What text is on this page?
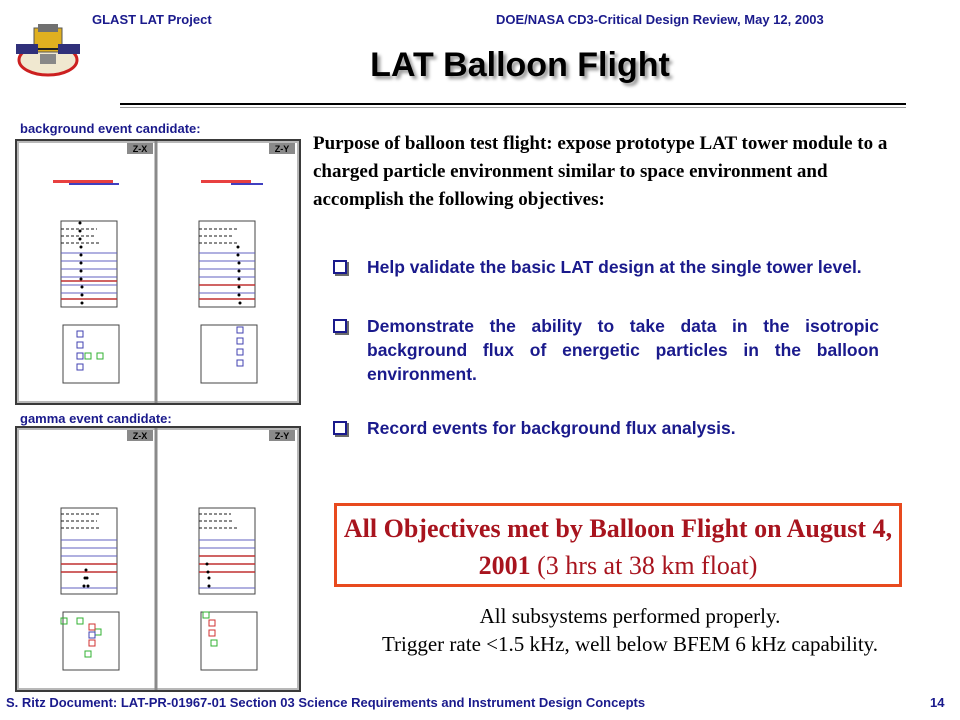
GLAST LAT Project	DOE/NASA CD3-Critical Design Review, May 12, 2003
LAT Balloon Flight
background event candidate:
Z-X	Z-Y
gamma event candidate:
Z-X	Z-Y
Purpose of balloon test flight: expose prototype LAT tower module to a charged particle environment similar to space environment and accomplish the following objectives:
Help validate the basic LAT design at the single tower level.
Demonstrate the ability to take data in the isotropic background flux of energetic particles in the balloon environment.
Record events for background flux analysis.
All Objectives met by Balloon Flight on August 4, 2001 (3 hrs at 38 km float)
All subsystems performed properly.
Trigger rate <1.5 kHz, well below BFEM 6 kHz capability.
S. Ritz Document: LAT-PR-01967-01 Section 03 Science Requirements and Instrument Design Concepts	14
